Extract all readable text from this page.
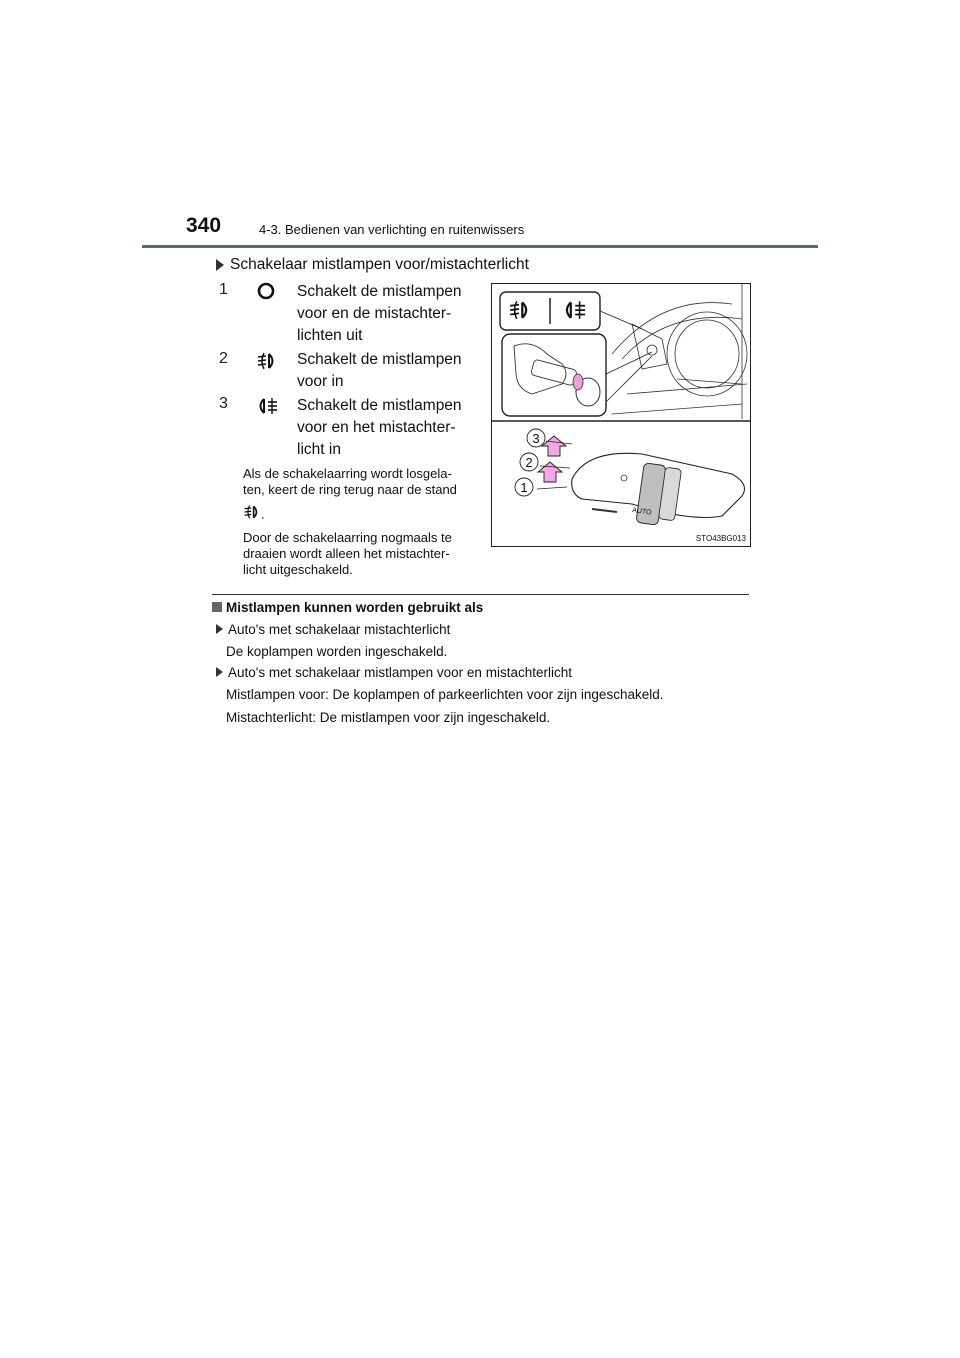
340	4-3. Bedienen van verlichting en ruitenwissers
Schakelaar mistlampen voor/mistachterlicht
1	Schakelt de mistlampen
voor en de mistachter-
lichten uit
2	Schakelt de mistlampen
voor in
3	Schakelt de mistlampen
voor en het mistachter-
licht in
Als de schakelaarring wordt losgela-
ten, keert de ring terug naar de stand
.
Door de schakelaarring nogmaals te
draaien wordt alleen het mistachter-
licht uitgeschakeld.
AUTO
3
2
1
STO43BG013
Mistlampen kunnen worden gebruikt als
Auto's met schakelaar mistachterlicht
De koplampen worden ingeschakeld.
Auto's met schakelaar mistlampen voor en mistachterlicht
Mistlampen voor: De koplampen of parkeerlichten voor zijn ingeschakeld.
Mistachterlicht: De mistlampen voor zijn ingeschakeld.
